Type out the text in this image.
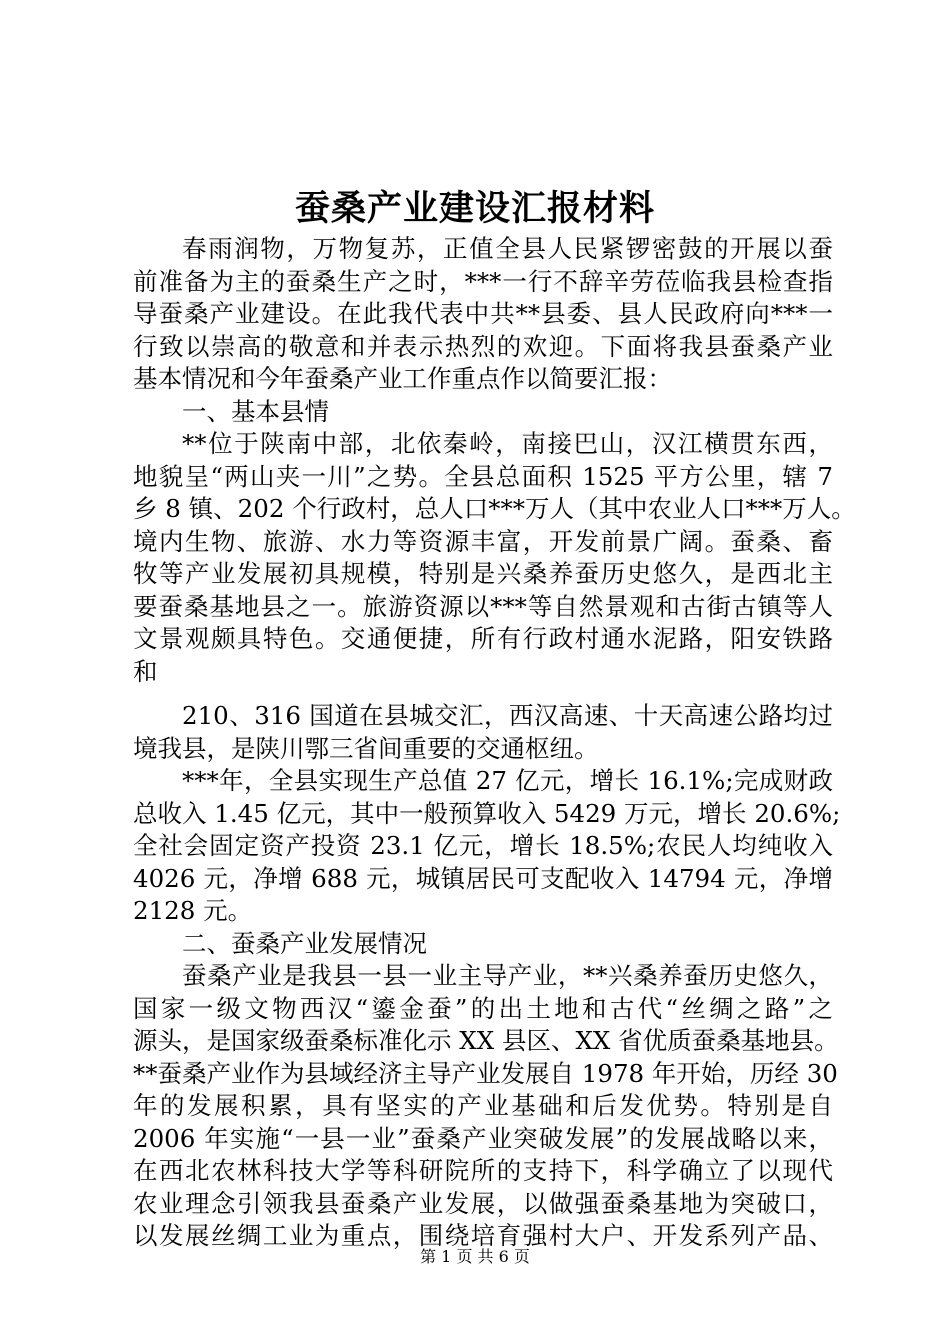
蚕桑产业建设汇报材料
春雨润物，万物复苏，正值全县人民紧锣密鼓的开展以蚕
前准备为主的蚕桑生产之时，***一行不辞辛劳莅临我县检查指
导蚕桑产业建设。在此我代表中共**县委、县人民政府向***一
行致以崇高的敬意和并表示热烈的欢迎。下面将我县蚕桑产业
基本情况和今年蚕桑产业工作重点作以简要汇报：
一、基本县情
**位于陕南中部，北依秦岭，南接巴山，汉江横贯东西，
地貌呈“两山夹一川”之势。全县总面积 1525 平方公里，辖 7
乡 8 镇、202 个行政村，总人口***万人（其中农业人口***万人。
境内生物、旅游、水力等资源丰富，开发前景广阔。蚕桑、畜
牧等产业发展初具规模，特别是兴桑养蚕历史悠久，是西北主
要蚕桑基地县之一。旅游资源以***等自然景观和古街古镇等人
文景观颇具特色。交通便捷，所有行政村通水泥路，阳安铁路
和
210、316 国道在县城交汇，西汉高速、十天高速公路均过
境我县，是陕川鄂三省间重要的交通枢纽。
***年，全县实现生产总值 27 亿元，增长 16.1%;完成财政
总收入 1.45 亿元，其中一般预算收入 5429 万元，增长 20.6%;
全社会固定资产投资 23.1 亿元，增长 18.5%;农民人均纯收入
4026 元，净增 688 元，城镇居民可支配收入 14794 元，净增
2128 元。
二、蚕桑产业发展情况
蚕桑产业是我县一县一业主导产业，**兴桑养蚕历史悠久，
国家一级文物西汉“鎏金蚕”的出土地和古代“丝绸之路”之
源头，是国家级蚕桑标准化示 XX 县区、XX 省优质蚕桑基地县。
**蚕桑产业作为县域经济主导产业发展自 1978 年开始，历经 30
年的发展积累，具有坚实的产业基础和后发优势。特别是自
2006 年实施“一县一业”蚕桑产业突破发展”的发展战略以来，
在西北农林科技大学等科研院所的支持下，科学确立了以现代
农业理念引领我县蚕桑产业发展，以做强蚕桑基地为突破口，
以发展丝绸工业为重点，围绕培育强村大户、开发系列产品、
第 1 页 共 6 页
